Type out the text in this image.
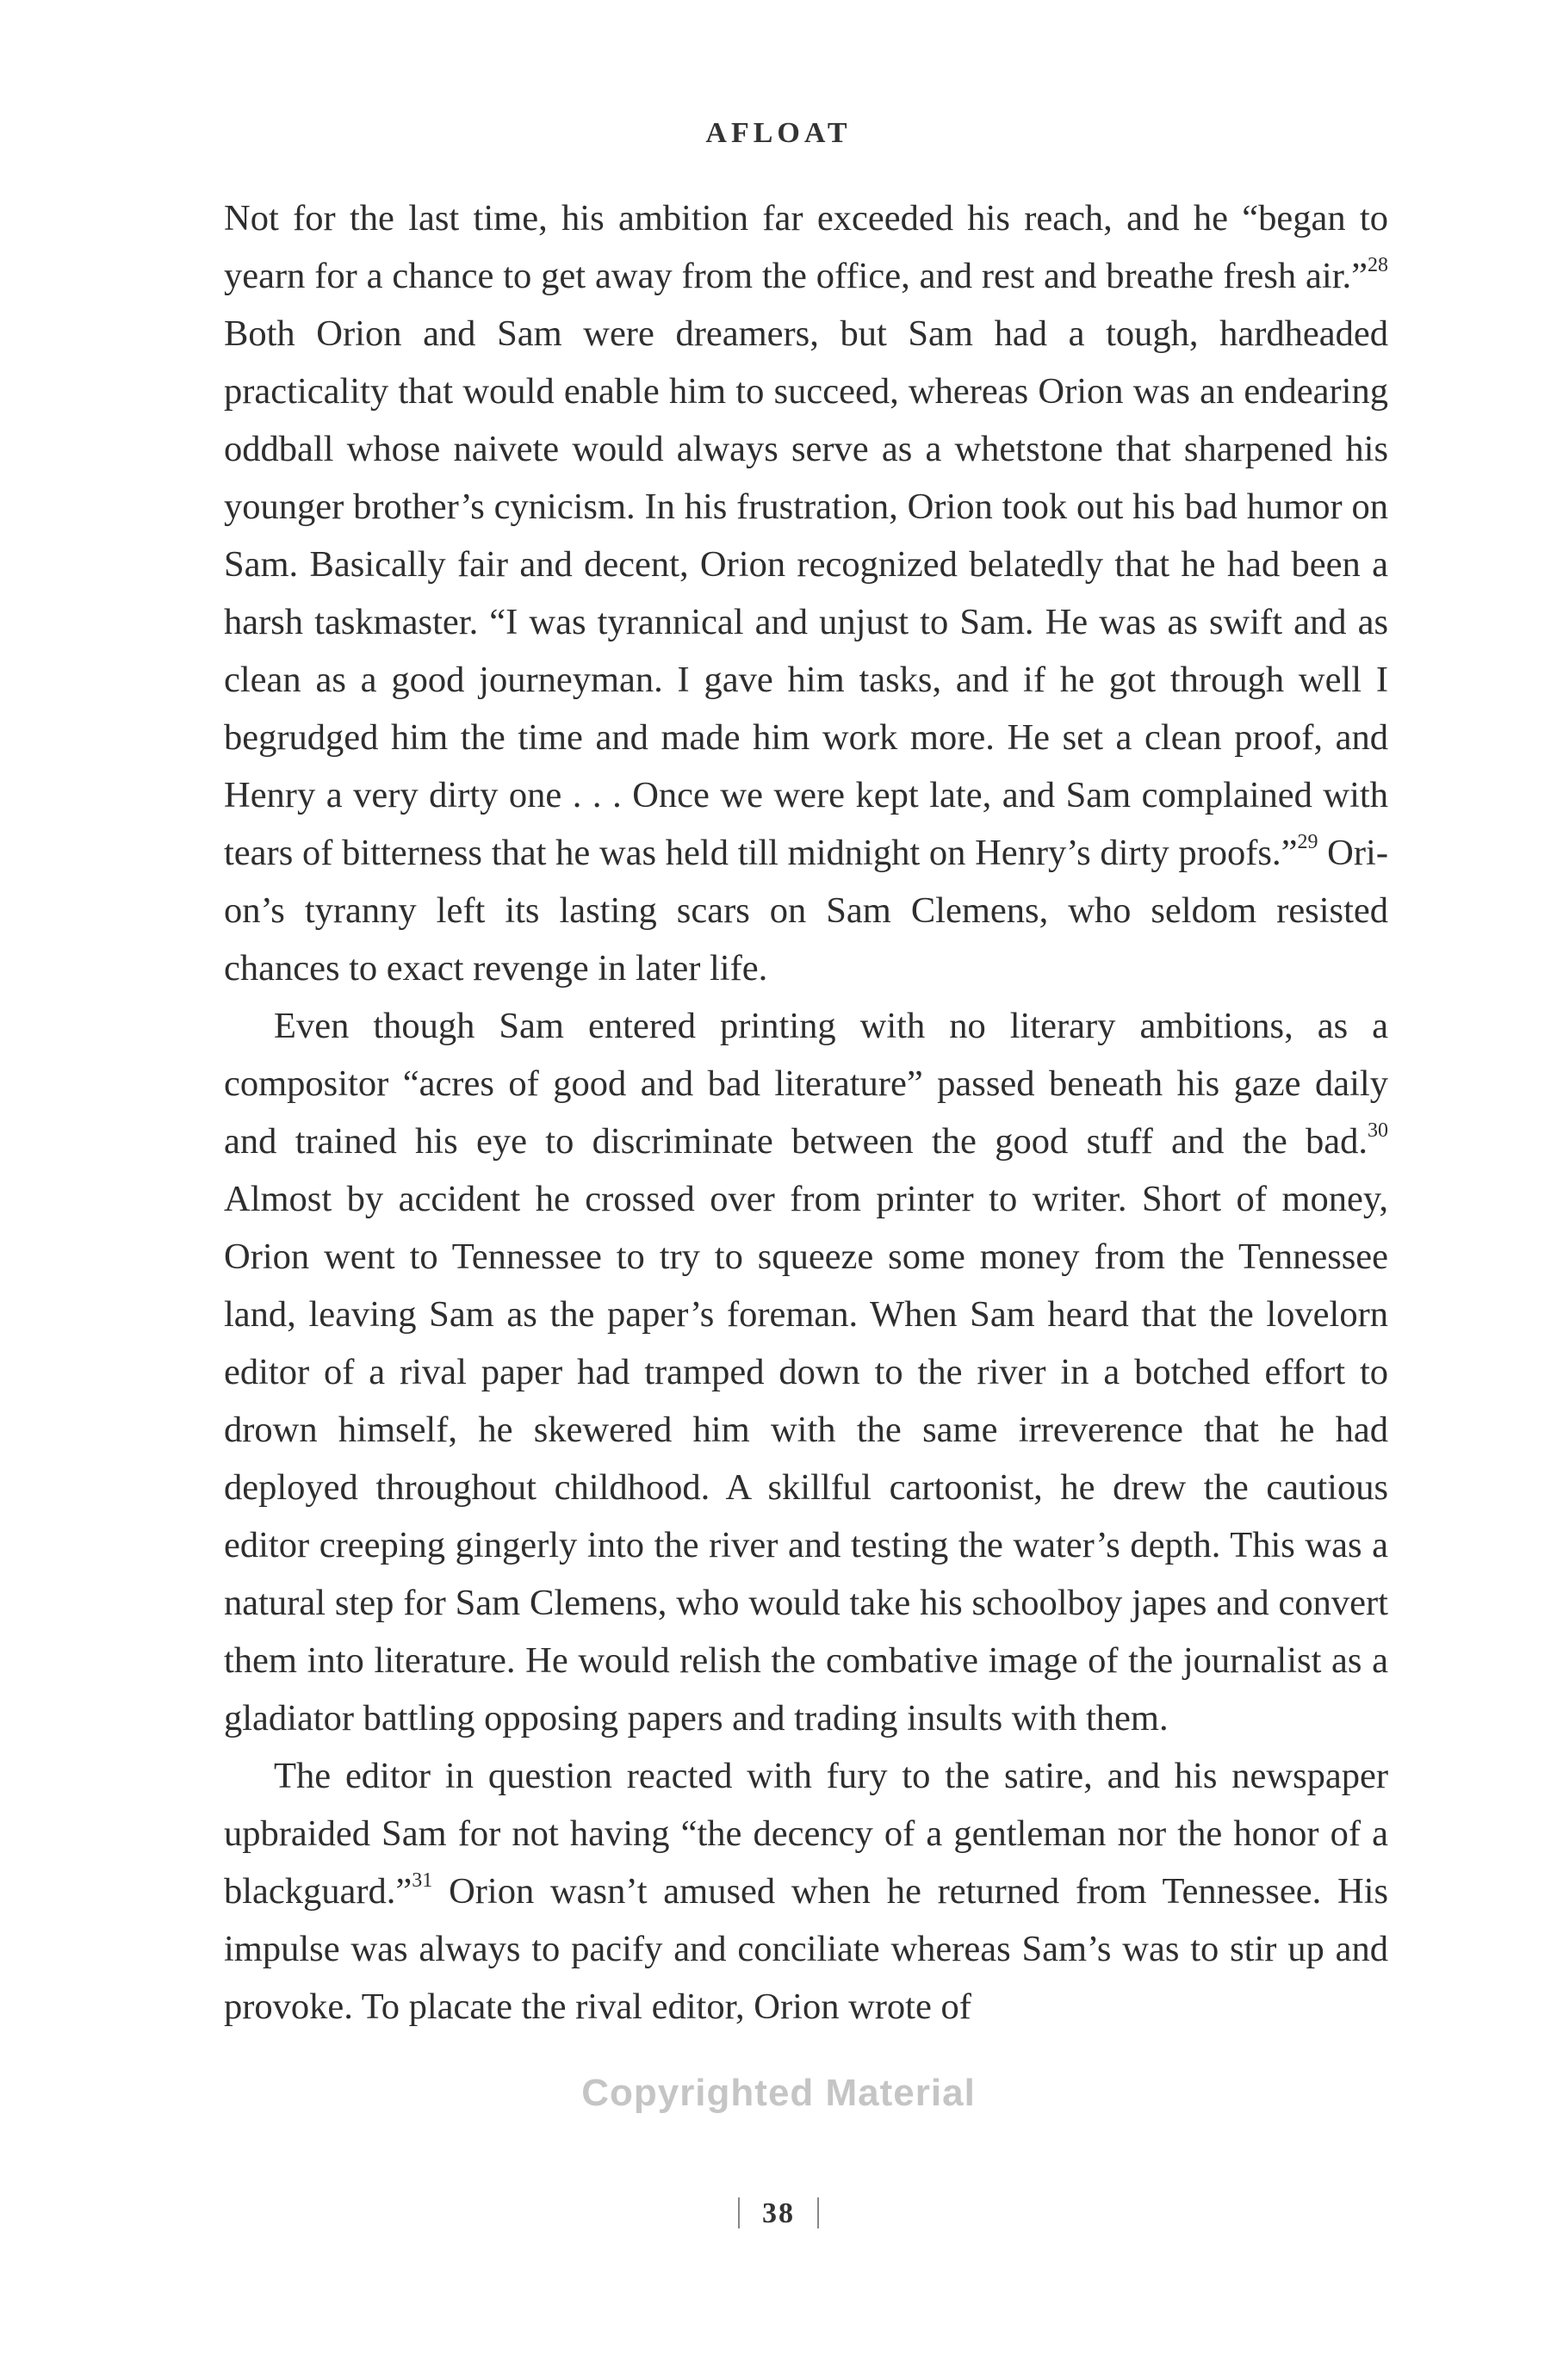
AFLOAT

Not for the last time, his ambition far exceeded his reach, and he “began to yearn for a chance to get away from the office, and rest and breathe fresh air.”$^{28}$ Both Orion and Sam were dreamers, but Sam had a tough, hardheaded practicality that would enable him to succeed, whereas Orion was an endearing oddball whose naivete would always serve as a whetstone that sharpened his younger brother’s cynicism. In his frustration, Orion took out his bad humor on Sam. Basically fair and decent, Orion recognized belatedly that he had been a harsh taskmaster. “I was tyrannical and unjust to Sam. He was as swift and as clean as a good journeyman. I gave him tasks, and if he got through well I begrudged him the time and made him work more. He set a clean proof, and Henry a very dirty one . . . Once we were kept late, and Sam complained with tears of bitterness that he was held till midnight on Henry’s dirty proofs.”$^{29}$ Orion’s tyranny left its lasting scars on Sam Clemens, who seldom resisted chances to exact revenge in later life.

Even though Sam entered printing with no literary ambitions, as a compositor “acres of good and bad literature” passed beneath his gaze daily and trained his eye to discriminate between the good stuff and the bad.$^{30}$ Almost by accident he crossed over from printer to writer. Short of money, Orion went to Tennessee to try to squeeze some money from the Tennessee land, leaving Sam as the paper’s foreman. When Sam heard that the lovelorn editor of a rival paper had tramped down to the river in a botched effort to drown himself, he skewered him with the same irreverence that he had deployed throughout childhood. A skillful cartoonist, he drew the cautious editor creeping gingerly into the river and testing the water’s depth. This was a natural step for Sam Clemens, who would take his schoolboy japes and convert them into literature. He would relish the combative image of the journalist as a gladiator battling opposing papers and trading insults with them.

The editor in question reacted with fury to the satire, and his newspaper upbraided Sam for not having “the decency of a gentleman nor the honor of a blackguard.”$^{31}$ Orion wasn’t amused when he returned from Tennessee. His impulse was always to pacify and conciliate whereas Sam’s was to stir up and provoke. To placate the rival editor, Orion wrote of

Copyrighted Material
38
